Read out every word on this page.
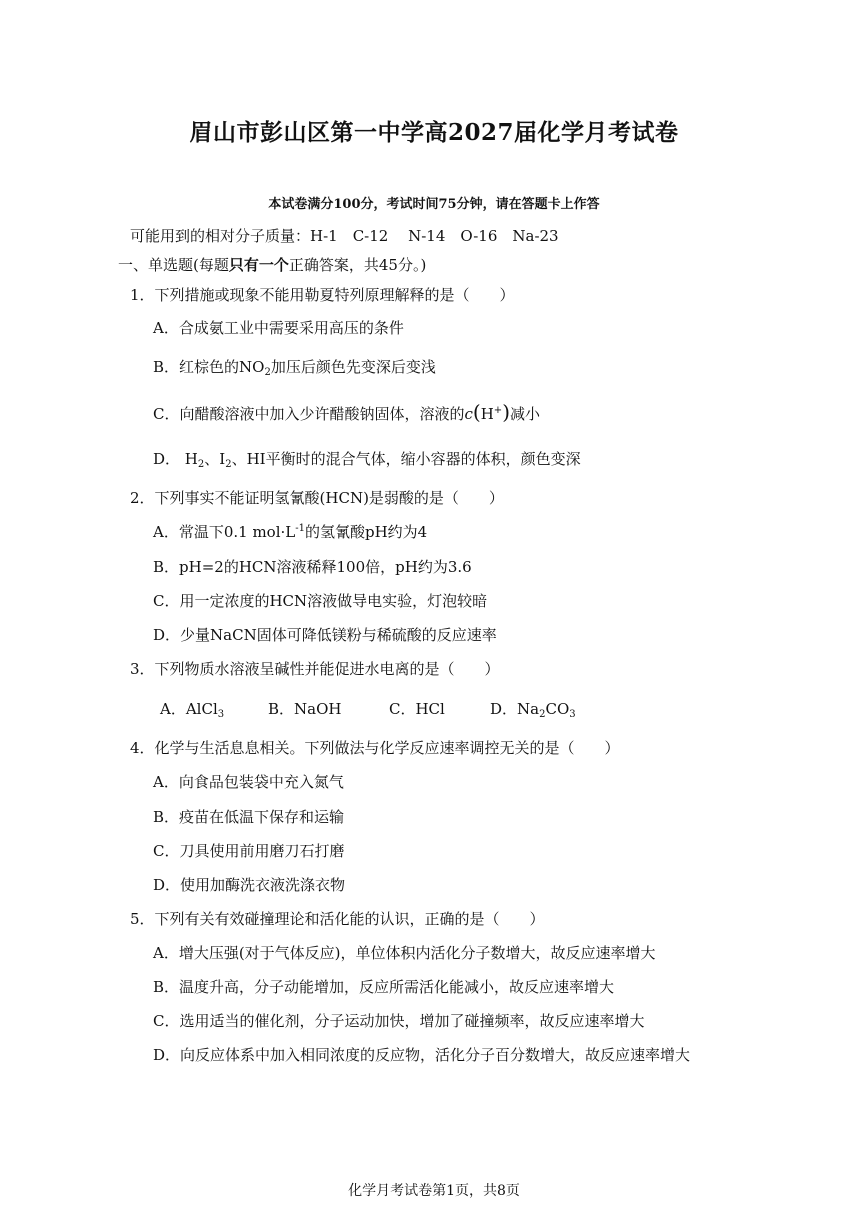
眉山市彭山区第一中学高2027届化学月考试卷
本试卷满分100分，考试时间75分钟，请在答题卡上作答
可能用到的相对分子质量：H-1　C-12　 N-14　O-16　Na-23
一、单选题(每题只有一个正确答案，共45分。)
1．下列措施或现象不能用勒夏特列原理解释的是（　　）
A．合成氨工业中需要采用高压的条件
B．红棕色的$NO_2$加压后颜色先变深后变浅
C．向醋酸溶液中加入少许醋酸钠固体，溶液的c(H+)减小
D． $H_2$、$I_2$、HI平衡时的混合气体，缩小容器的体积，颜色变深
2．下列事实不能证明氢氰酸(HCN)是弱酸的是（　　）
A．常温下0.1 $mol\cdot L^{-1}$的氢氰酸pH约为4
B．pH=2的HCN溶液稀释100倍，pH约为3.6
C．用一定浓度的HCN溶液做导电实验，灯泡较暗
D．少量NaCN固体可降低镁粉与稀硫酸的反应速率
3．下列物质水溶液呈碱性并能促进水电离的是（　　）
A．AlCl$_3$	B．NaOH	C．HCl	D．$Na_2CO_3$
4．化学与生活息息相关。下列做法与化学反应速率调控无关的是（　　）
A．向食品包装袋中充入氮气
B．疫苗在低温下保存和运输
C．刀具使用前用磨刀石打磨
D．使用加酶洗衣液洗涤衣物
5．下列有关有效碰撞理论和活化能的认识，正确的是（　　）
A．增大压强(对于气体反应)，单位体积内活化分子数增大，故反应速率增大
B．温度升高，分子动能增加，反应所需活化能减小，故反应速率增大
C．选用适当的催化剂，分子运动加快，增加了碰撞频率，故反应速率增大
D．向反应体系中加入相同浓度的反应物，活化分子百分数增大，故反应速率增大
化学月考试卷第1页，共8页
